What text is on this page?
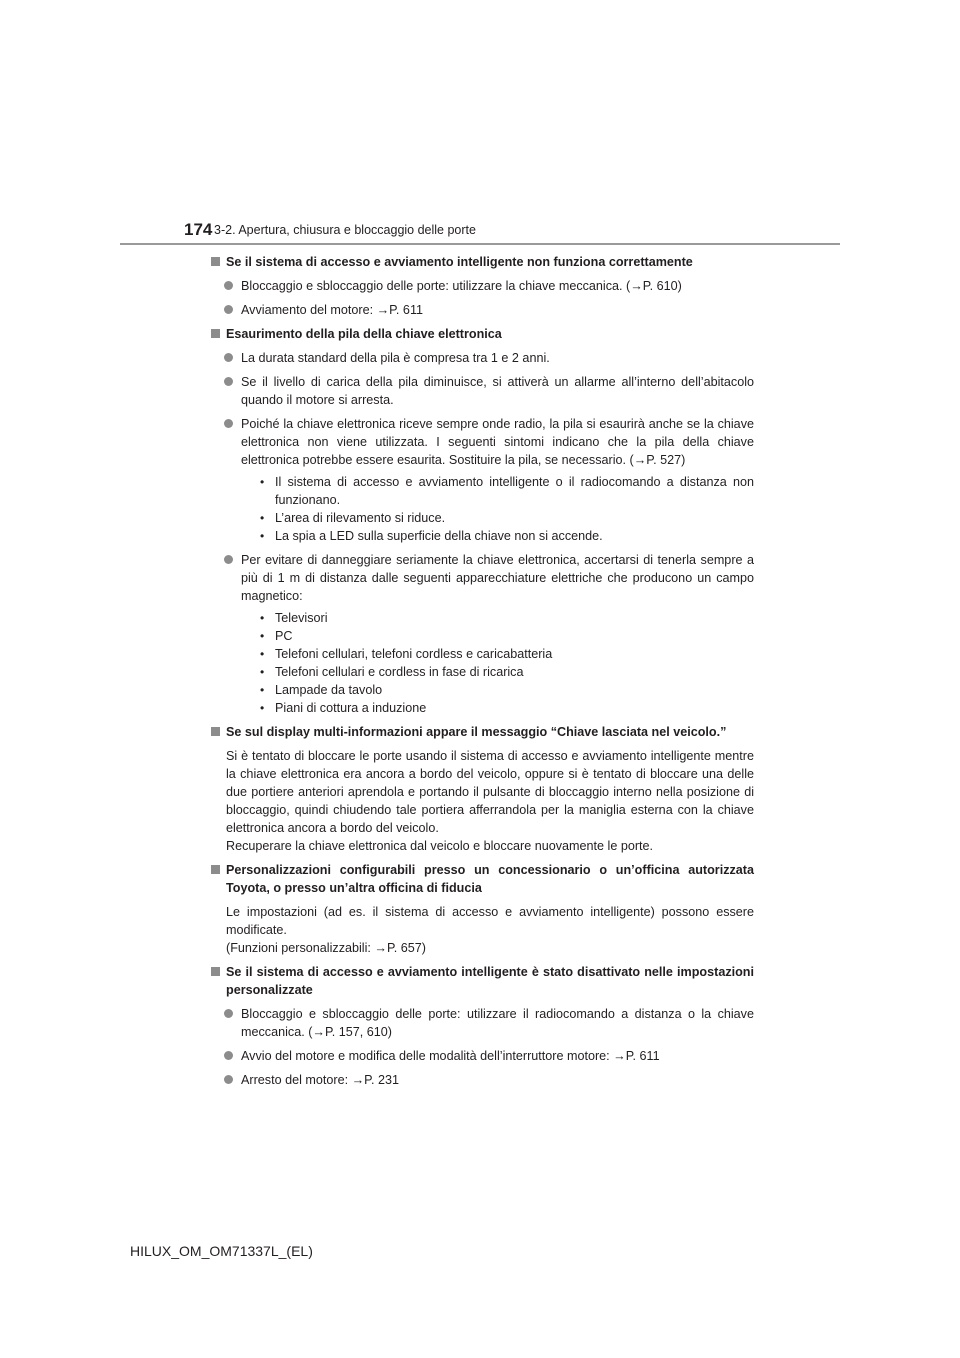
174 3-2. Apertura, chiusura e bloccaggio delle porte
Se il sistema di accesso e avviamento intelligente non funziona correttamente
Bloccaggio e sbloccaggio delle porte: utilizzare la chiave meccanica. (→P. 610)
Avviamento del motore: →P. 611
Esaurimento della pila della chiave elettronica
La durata standard della pila è compresa tra 1 e 2 anni.
Se il livello di carica della pila diminuisce, si attiverà un allarme all’interno dell’abitacolo quando il motore si arresta.
Poiché la chiave elettronica riceve sempre onde radio, la pila si esaurirà anche se la chiave elettronica non viene utilizzata. I seguenti sintomi indicano che la pila della chiave elettronica potrebbe essere esaurita. Sostituire la pila, se necessario. (→P. 527)
• Il sistema di accesso e avviamento intelligente o il radiocomando a distanza non funzionano.
• L’area di rilevamento si riduce.
• La spia a LED sulla superficie della chiave non si accende.
Per evitare di danneggiare seriamente la chiave elettronica, accertarsi di tenerla sempre a più di 1 m di distanza dalle seguenti apparecchiature elettriche che producono un campo magnetico:
• Televisori
• PC
• Telefoni cellulari, telefoni cordless e caricabatteria
• Telefoni cellulari e cordless in fase di ricarica
• Lampade da tavolo
• Piani di cottura a induzione
Se sul display multi-informazioni appare il messaggio “Chiave lasciata nel veicolo.”
Si è tentato di bloccare le porte usando il sistema di accesso e avviamento intelligente mentre la chiave elettronica era ancora a bordo del veicolo, oppure si è tentato di bloccare una delle due portiere anteriori aprendola e portando il pulsante di bloccaggio interno nella posizione di bloccaggio, quindi chiudendo tale portiera afferrandola per la maniglia esterna con la chiave elettronica ancora a bordo del veicolo.
Recuperare la chiave elettronica dal veicolo e bloccare nuovamente le porte.
Personalizzazioni configurabili presso un concessionario o un’officina autorizzata Toyota, o presso un’altra officina di fiducia
Le impostazioni (ad es. il sistema di accesso e avviamento intelligente) possono essere modificate.
(Funzioni personalizzabili: →P. 657)
Se il sistema di accesso e avviamento intelligente è stato disattivato nelle impostazioni personalizzate
Bloccaggio e sbloccaggio delle porte: utilizzare il radiocomando a distanza o la chiave meccanica. (→P. 157, 610)
Avvio del motore e modifica delle modalità dell’interruttore motore: →P. 611
Arresto del motore: →P. 231
HILUX_OM_OM71337L_(EL)
